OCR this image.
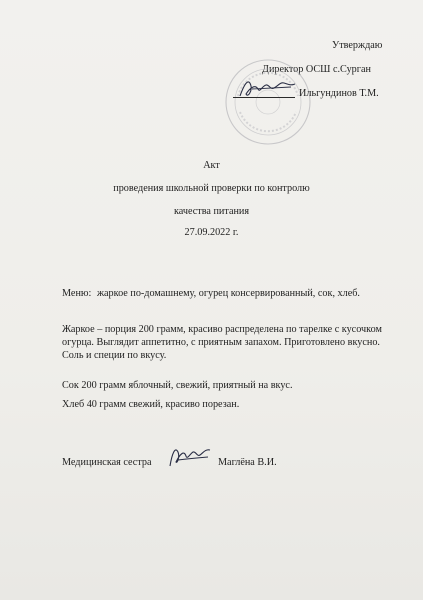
Утверждаю
Директор ОСШ с.Сурган
Ильгундинов Т.М.
Акт
проведения школьной проверки по контролю
качества питания
27.09.2022 г.
Меню: жаркое по-домашнему, огурец консервированный, сок, хлеб.
Жаркое – порция 200 грамм, красиво распределена по тарелке с кусочком
огурца. Выглядит аппетитно, с приятным запахом. Приготовлено вкусно.
Соль и специи по вкусу.
Сок 200 грамм яблочный, свежий, приятный на вкус.
Хлеб 40 грамм свежий, красиво порезан.
Медицинская сестра	Маглёна В.И.
